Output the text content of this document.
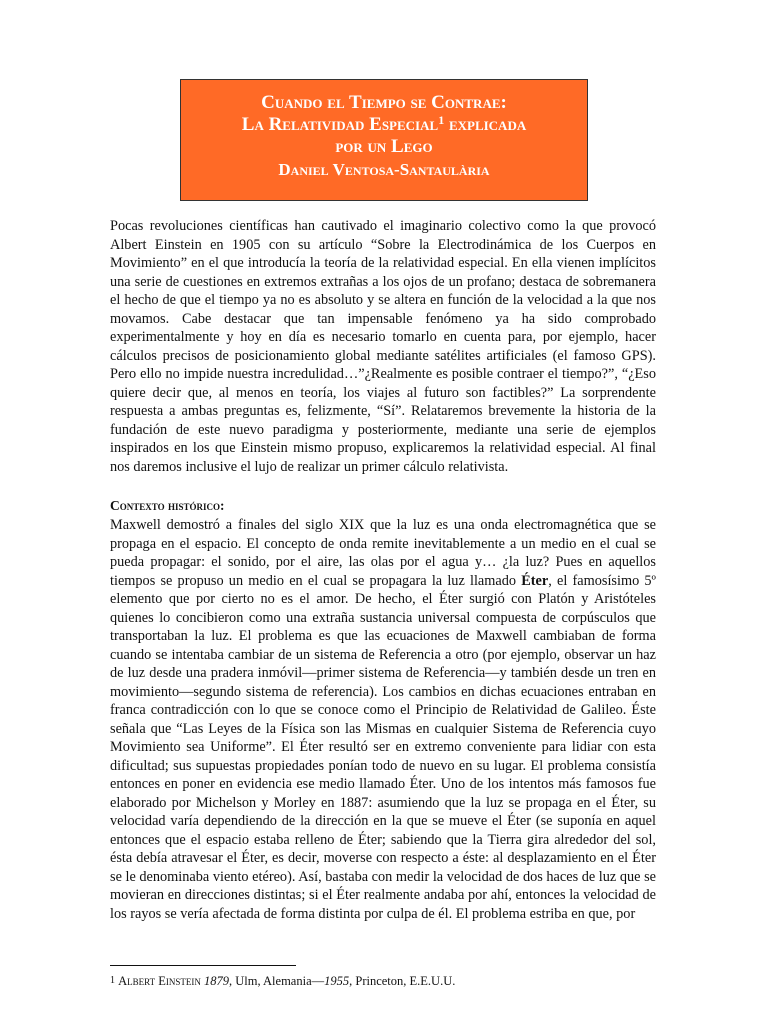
Cuando el Tiempo se Contrae:
La Relatividad Especial$^1$ explicada
por un Lego
Daniel Ventosa-Santaulària

Pocas revoluciones científicas han cautivado el imaginario colectivo como la que provocó Albert Einstein en 1905 con su artículo “Sobre la Electrodinámica de los Cuerpos en Movimiento” en el que introducía la teoría de la relatividad especial. En ella vienen implícitos una serie de cuestiones en extremos extrañas a los ojos de un profano; destaca de sobremanera el hecho de que el tiempo ya no es absoluto y se altera en función de la velocidad a la que nos movamos. Cabe destacar que tan impensable fenómeno ya ha sido comprobado experimentalmente y hoy en día es necesario tomarlo en cuenta para, por ejemplo, hacer cálculos precisos de posicionamiento global mediante satélites artificiales (el famoso GPS). Pero ello no impide nuestra incredulidad…”¿Realmente es posible contraer el tiempo?”, “¿Eso quiere decir que, al menos en teoría, los viajes al futuro son factibles?” La sorprendente respuesta a ambas preguntas es, felizmente, “Sí”. Relataremos brevemente la historia de la fundación de este nuevo paradigma y posteriormente, mediante una serie de ejemplos inspirados en los que Einstein mismo propuso, explicaremos la relatividad especial. Al final nos daremos inclusive el lujo de realizar un primer cálculo relativista.

Contexto histórico:

Maxwell demostró a finales del siglo XIX que la luz es una onda electromagnética que se propaga en el espacio. El concepto de onda remite inevitablemente a un medio en el cual se pueda propagar: el sonido, por el aire, las olas por el agua y… ¿la luz? Pues en aquellos tiempos se propuso un medio en el cual se propagara la luz llamado Éter, el famosísimo 5º elemento que por cierto no es el amor. De hecho, el Éter surgió con Platón y Aristóteles quienes lo concibieron como una extraña sustancia universal compuesta de corpúsculos que transportaban la luz. El problema es que las ecuaciones de Maxwell cambiaban de forma cuando se intentaba cambiar de un sistema de Referencia a otro (por ejemplo, observar un haz de luz desde una pradera inmóvil—primer sistema de Referencia—y también desde un tren en movimiento—segundo sistema de referencia). Los cambios en dichas ecuaciones entraban en franca contradicción con lo que se conoce como el Principio de Relatividad de Galileo. Éste señala que “Las Leyes de la Física son las Mismas en cualquier Sistema de Referencia cuyo Movimiento sea Uniforme”. El Éter resultó ser en extremo conveniente para lidiar con esta dificultad; sus supuestas propiedades ponían todo de nuevo en su lugar. El problema consistía entonces en poner en evidencia ese medio llamado Éter. Uno de los intentos más famosos fue elaborado por Michelson y Morley en 1887: asumiendo que la luz se propaga en el Éter, su velocidad varía dependiendo de la dirección en la que se mueve el Éter (se suponía en aquel entonces que el espacio estaba relleno de Éter; sabiendo que la Tierra gira alrededor del sol, ésta debía atravesar el Éter, es decir, moverse con respecto a éste: al desplazamiento en el Éter se le denominaba viento etéreo). Así, bastaba con medir la velocidad de dos haces de luz que se movieran en direcciones distintas; si el Éter realmente andaba por ahí, entonces la velocidad de los rayos se vería afectada de forma distinta por culpa de él. El problema estriba en que, por

$^1$ Albert Einstein 1879, Ulm, Alemania—1955, Princeton, E.E.U.U.
